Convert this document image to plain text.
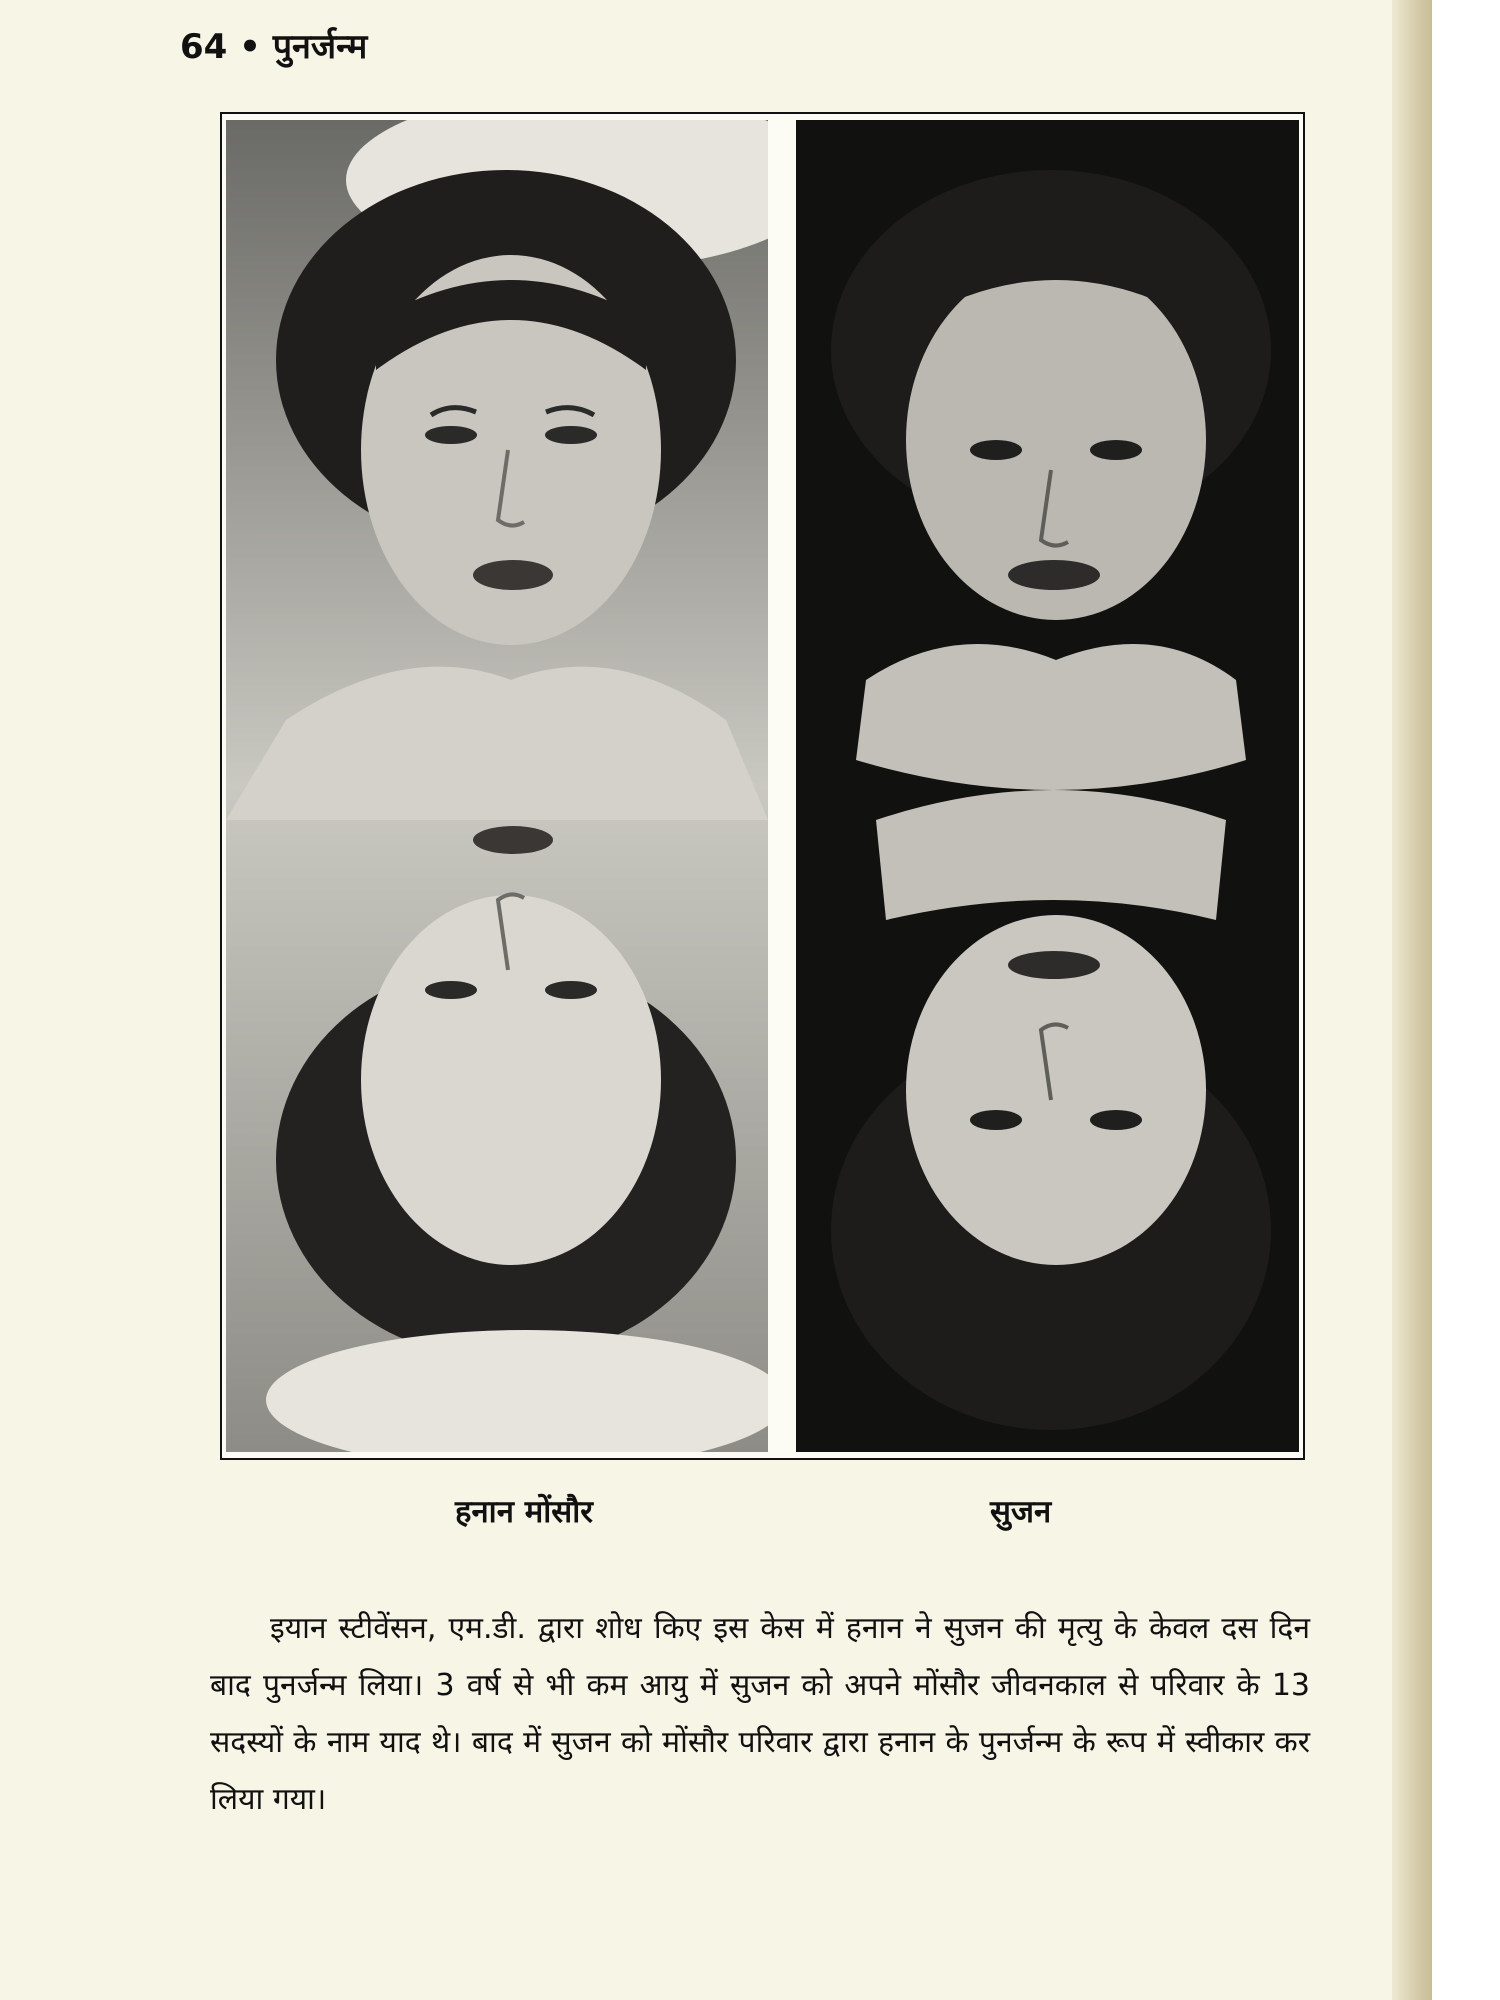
64 • पुनर्जन्म
हनान मोंसौर	सुजन

इयान स्टीवेंसन, एम.डी. द्वारा शोध किए इस केस में हनान ने सुजन की मृत्यु के केवल दस दिन बाद पुनर्जन्म लिया। 3 वर्ष से भी कम आयु में सुजन को अपने मोंसौर जीवनकाल से परिवार के 13 सदस्यों के नाम याद थे। बाद में सुजन को मोंसौर परिवार द्वारा हनान के पुनर्जन्म के रूप में स्वीकार कर लिया गया।
